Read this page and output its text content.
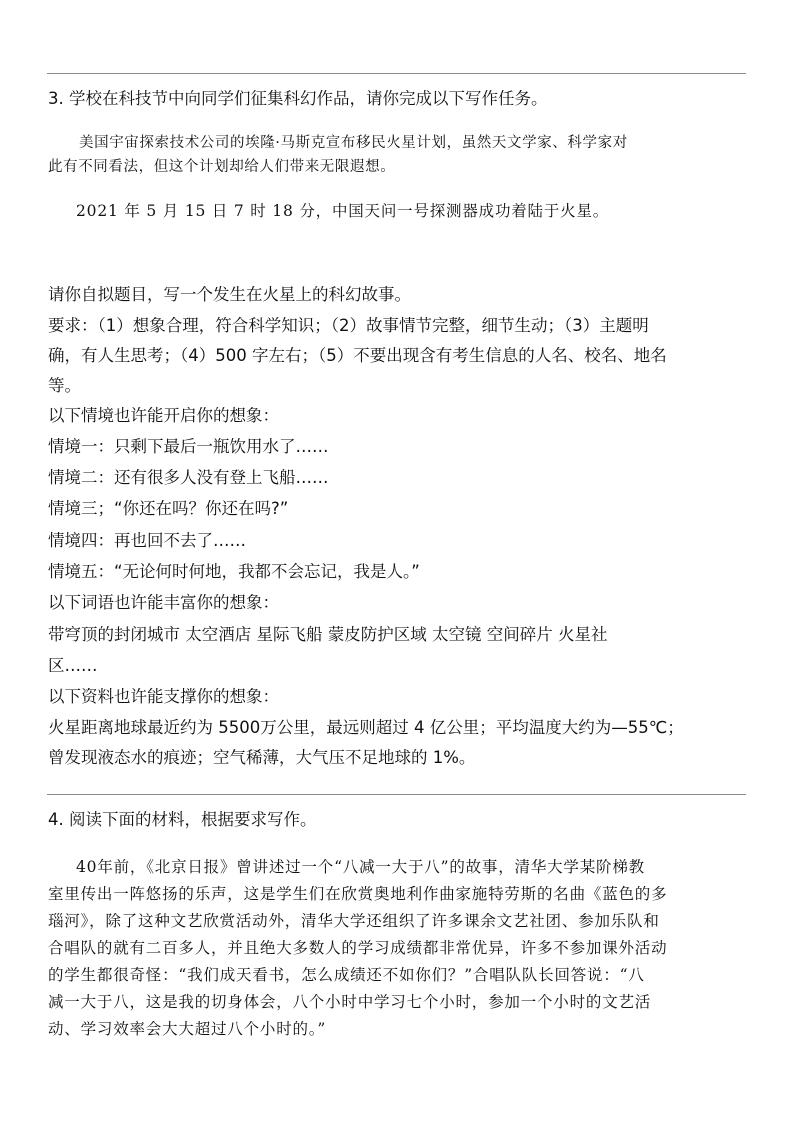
3. 学校在科技节中向同学们征集科幻作品，请你完成以下写作任务。
美国宇宙探索技术公司的埃隆·马斯克宣布移民火星计划，虽然天文学家、科学家对
此有不同看法，但这个计划却给人们带来无限遐想。
2021 年 5 月 15 日 7 时 18 分，中国天问一号探测器成功着陆于火星。
请你自拟题目，写一个发生在火星上的科幻故事。
要求：（1）想象合理，符合科学知识；（2）故事情节完整，细节生动；（3）主题明
确，有人生思考；（4）500 字左右；（5）不要出现含有考生信息的人名、校名、地名
等。
以下情境也许能开启你的想象：
情境一：只剩下最后一瓶饮用水了……
情境二：还有很多人没有登上飞船……
情境三；“你还在吗？你还在吗?”
情境四：再也回不去了……
情境五：“无论何时何地，我都不会忘记，我是人。”
以下词语也许能丰富你的想象：
带穹顶的封闭城市 太空酒店 星际飞船 蒙皮防护区域 太空镜 空间碎片 火星社
区……
以下资料也许能支撑你的想象：
火星距离地球最近约为 5500万公里，最远则超过 4 亿公里；平均温度大约为—55℃；
曾发现液态水的痕迹；空气稀薄，大气压不足地球的 1%。
4. 阅读下面的材料，根据要求写作。
40年前，《北京日报》曾讲述过一个“八减一大于八”的故事，清华大学某阶梯教
室里传出一阵悠扬的乐声，这是学生们在欣赏奥地利作曲家施特劳斯的名曲《蓝色的多
瑙河》，除了这种文艺欣赏活动外，清华大学还组织了许多课余文艺社团、参加乐队和
合唱队的就有二百多人，并且绝大多数人的学习成绩都非常优异，许多不参加课外活动
的学生都很奇怪：“我们成天看书，怎么成绩还不如你们？”合唱队队长回答说：“八
减一大于八，这是我的切身体会，八个小时中学习七个小时，参加一个小时的文艺活
动、学习效率会大大超过八个小时的。”
